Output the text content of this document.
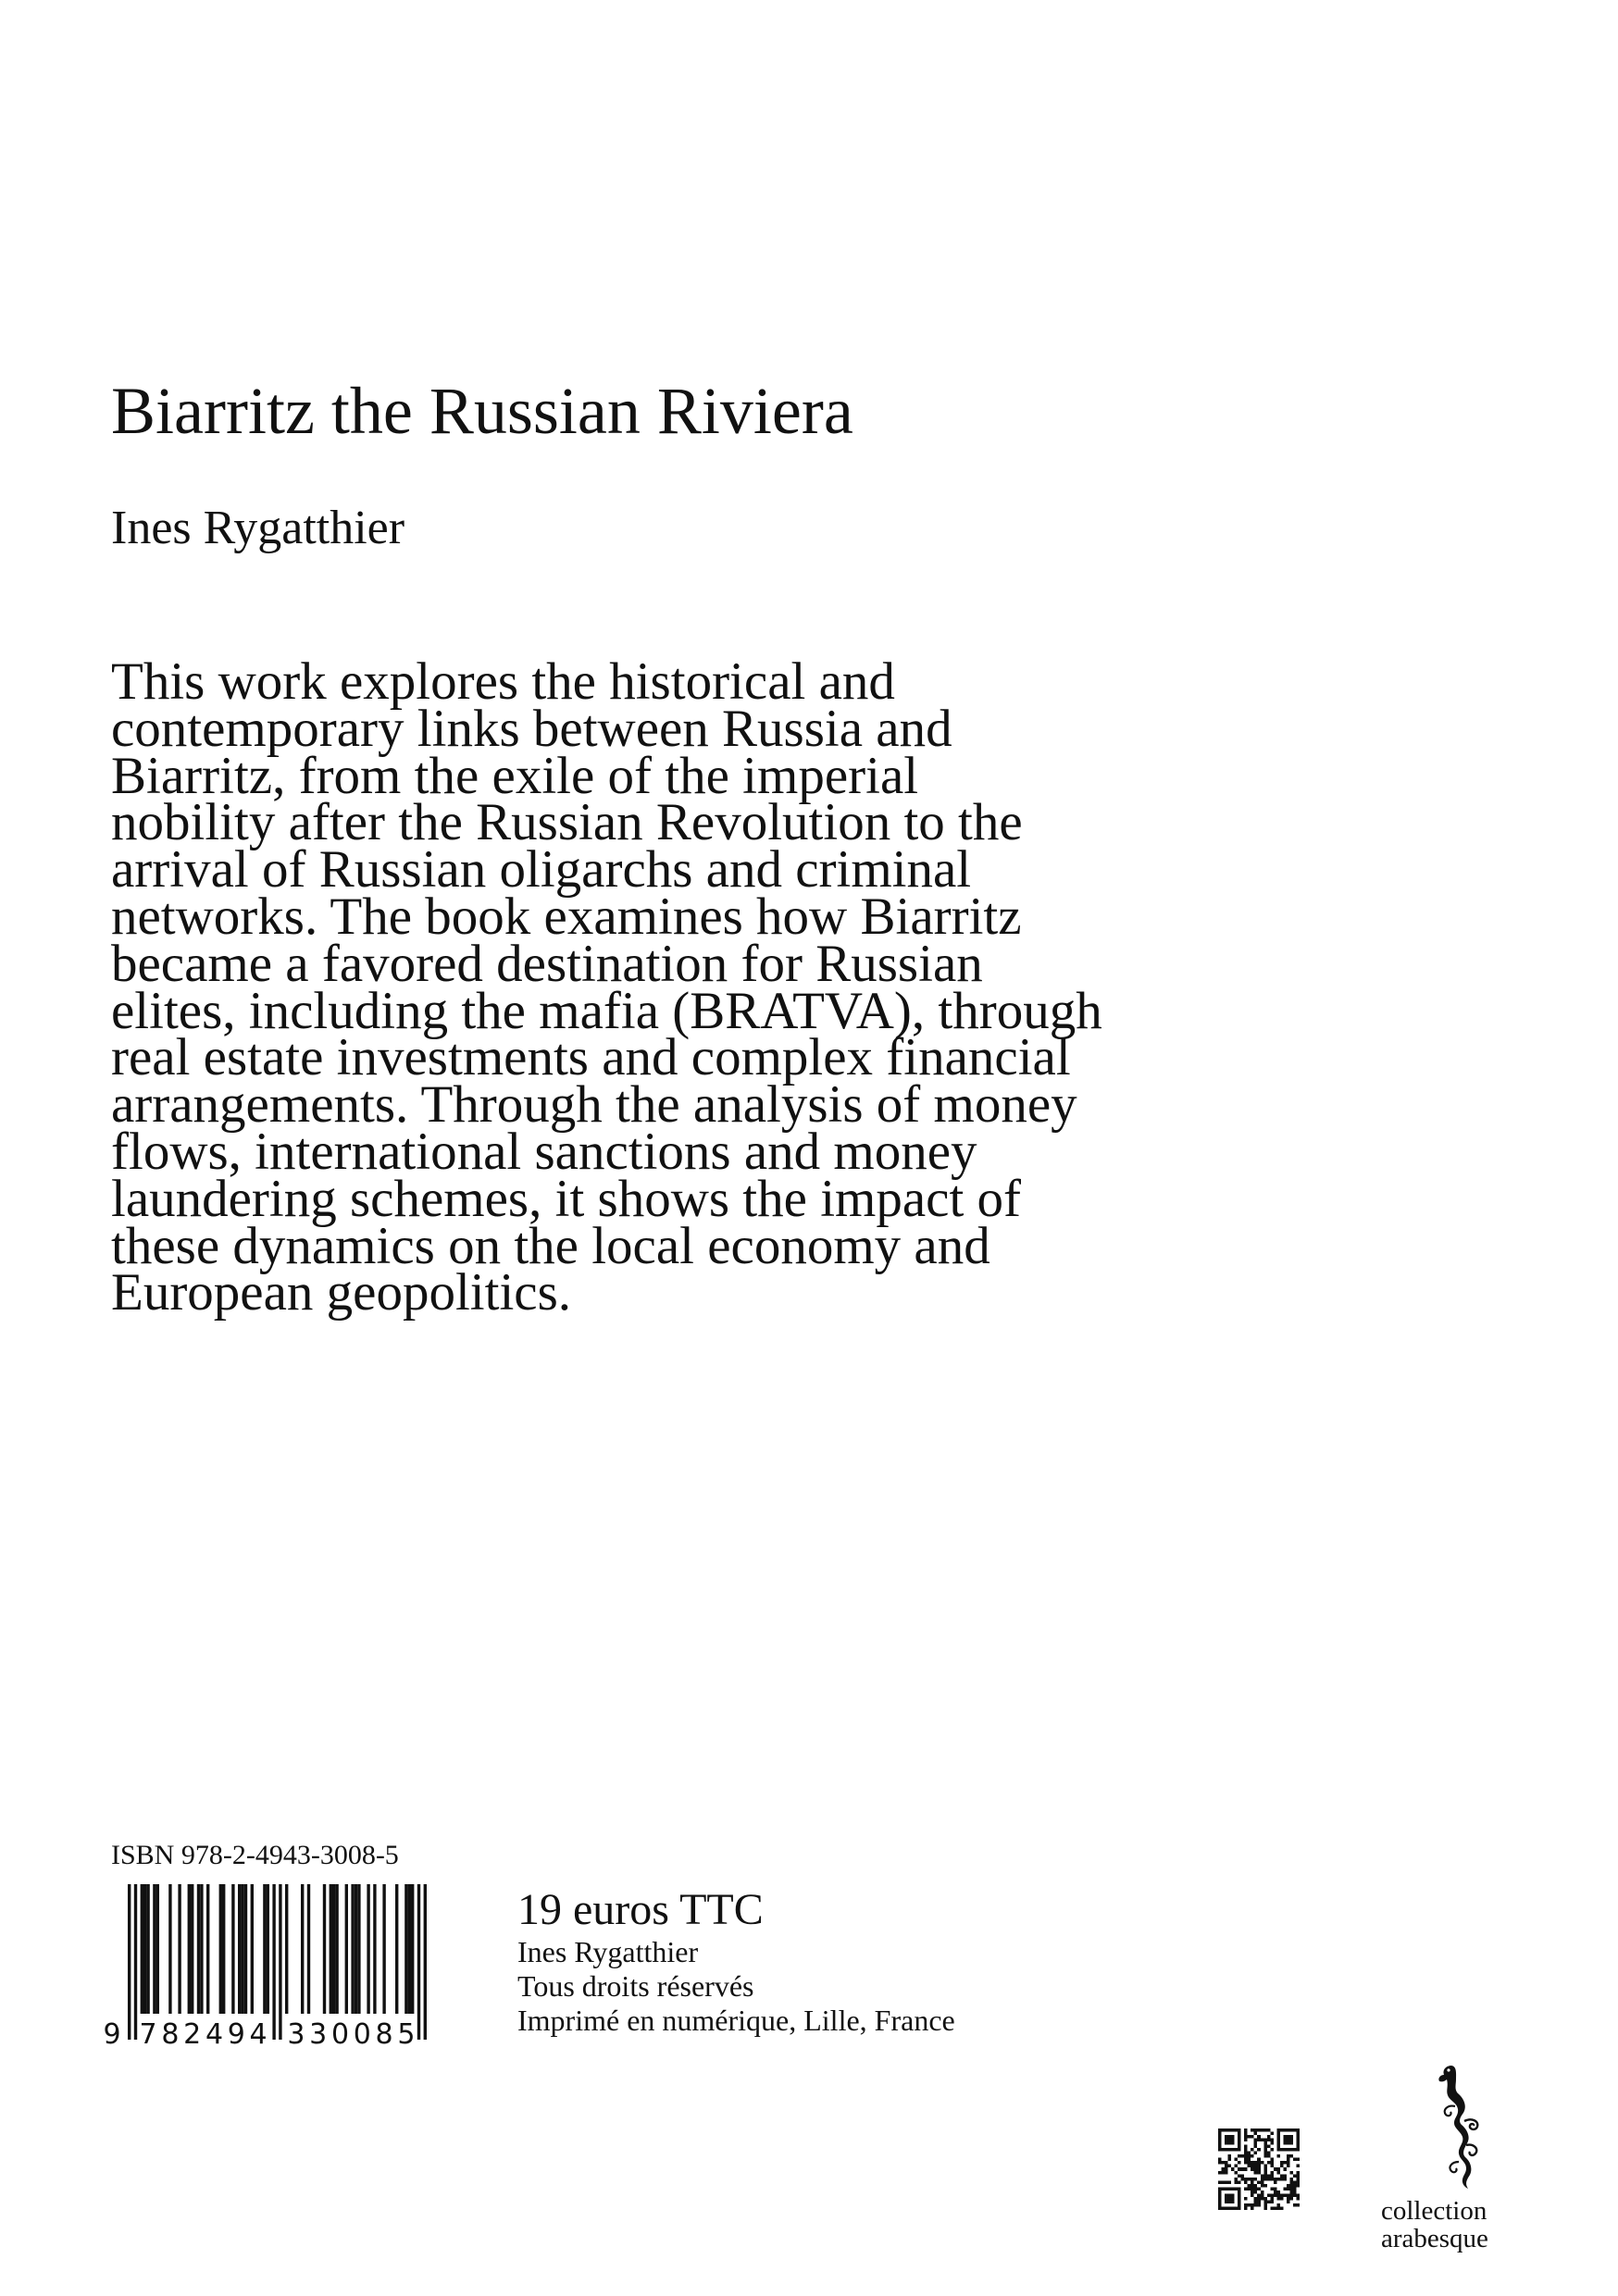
Biarritz the Russian Riviera
Ines Rygatthier
This work explores the historical and
contemporary links between Russia and
Biarritz, from the exile of the imperial
nobility after the Russian Revolution to the
arrival of Russian oligarchs and criminal
networks. The book examines how Biarritz
became a favored destination for Russian
elites, including the mafia (BRATVA), through
real estate investments and complex financial
arrangements. Through the analysis of money
flows, international sanctions and money
laundering schemes, it shows the impact of
these dynamics on the local economy and
European geopolitics.
ISBN 978-2-4943-3008-5
9 7 8 2 4 9 4 3 3 0 0 8 5
19 euros TTC
Ines Rygatthier
Tous droits réservés
Imprimé en numérique, Lille, France
collection
arabesque
